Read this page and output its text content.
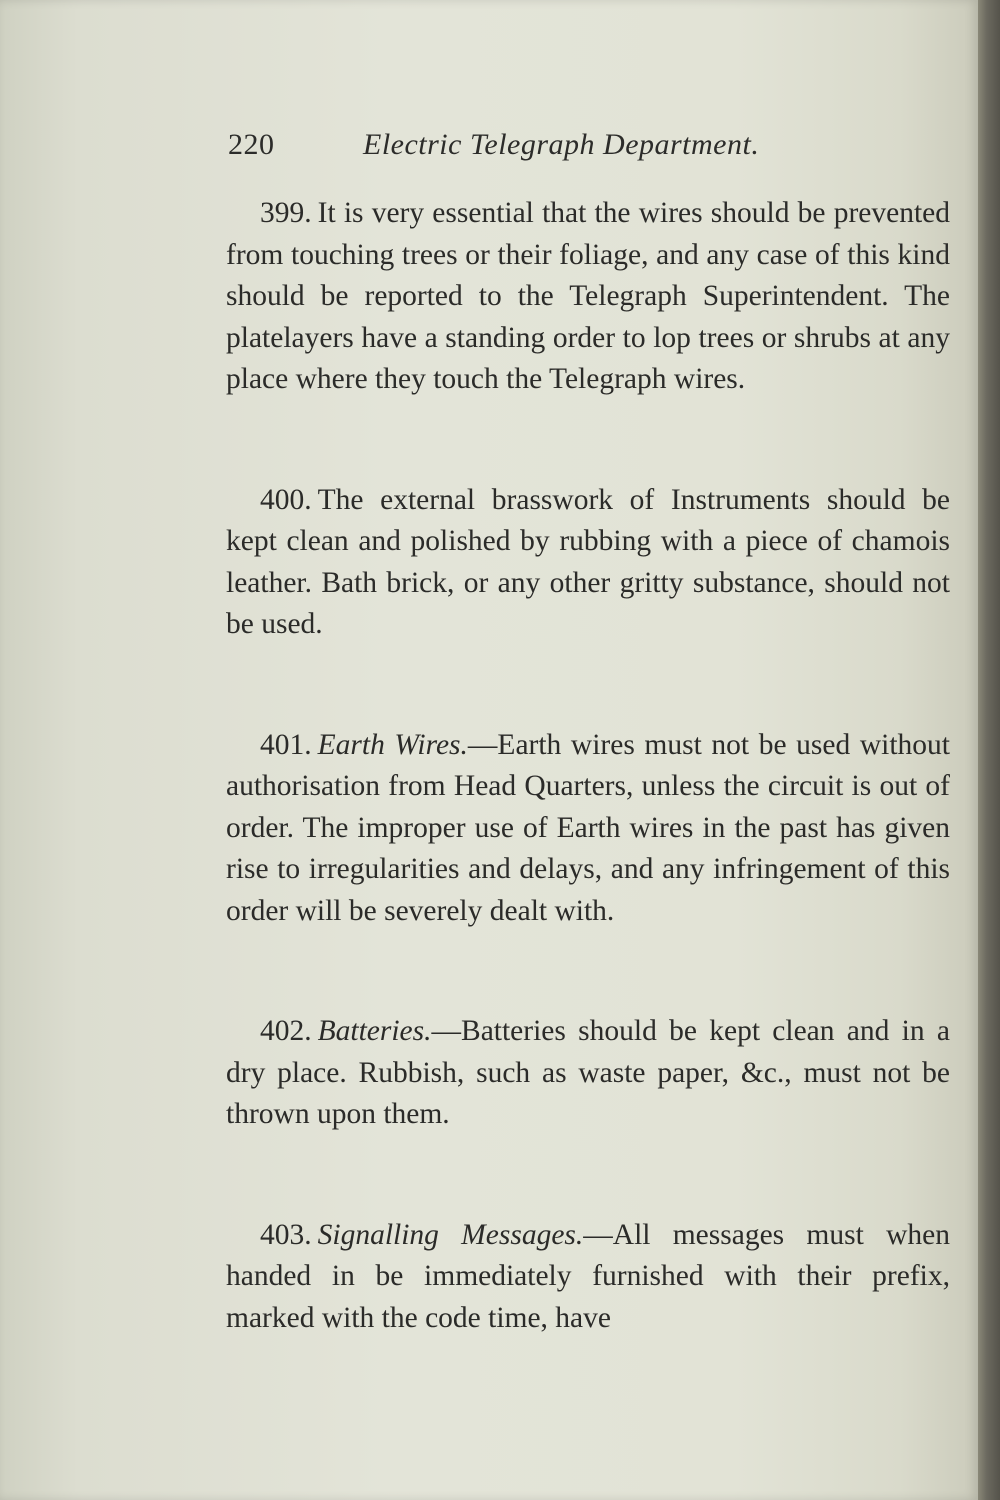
220	Electric Telegraph Department.

399. It is very essential that the wires should be prevented from touching trees or their foliage, and any case of this kind should be reported to the Telegraph Superintendent. The platelayers have a standing order to lop trees or shrubs at any place where they touch the Telegraph wires.

400. The external brasswork of Instruments should be kept clean and polished by rubbing with a piece of chamois leather. Bath brick, or any other gritty substance, should not be used.

401. Earth Wires.—Earth wires must not be used without authorisation from Head Quarters, unless the circuit is out of order. The improper use of Earth wires in the past has given rise to irregularities and delays, and any infringement of this order will be severely dealt with.

402. Batteries.—Batteries should be kept clean and in a dry place. Rubbish, such as waste paper, &c., must not be thrown upon them.

403. Signalling Messages.—All messages must when handed in be immediately furnished with their prefix, marked with the code time, have
